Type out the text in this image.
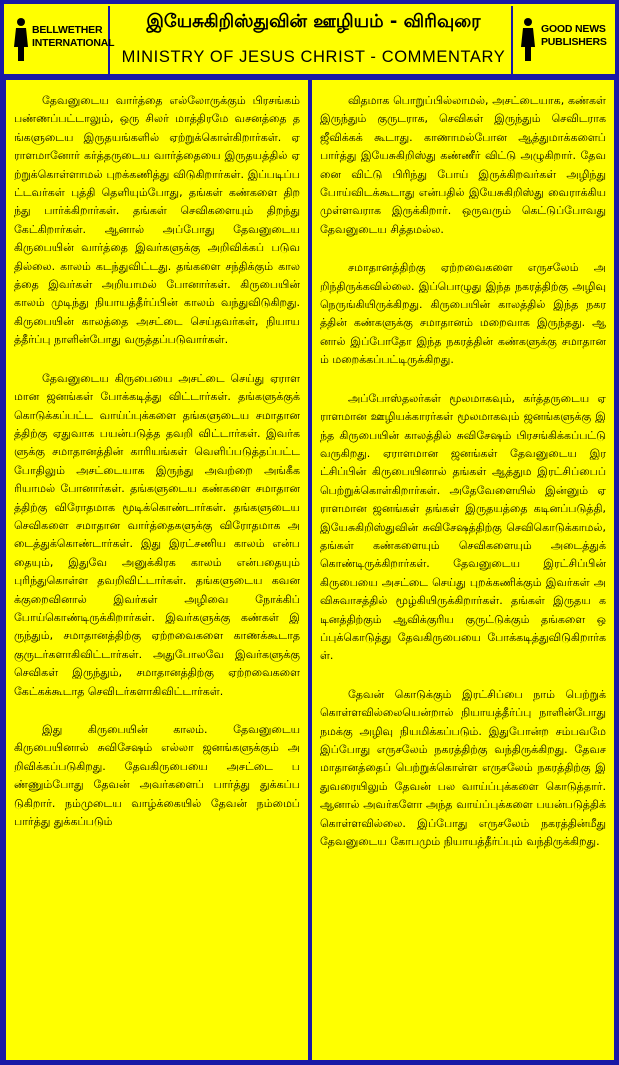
BELLWETHER
INTERNATIONAL
இயேசுகிறிஸ்துவின் ஊழியம் - விரிவுரை
MINISTRY OF JESUS CHRIST - COMMENTARY
GOOD NEWS
PUBLISHERS

தேவனுடைய வார்த்தை எல்லோருக்கும் பிரசங்கம் பண்ணப்பட்டாலும், ஒரு சிலர் மாத்திரமே வசனத்தை தங்களுடைய இருதயங்களில் ஏற்றுக்கொள்கிறார்கள். ஏராளமானோர் கர்த்தருடைய வார்த்தையை இருதயத்தில் ஏற்றுக்கொள்ளாமல் புறக்கணித்து விடுகிறார்கள். இப்படிப்பட்டவர்கள் புத்தி தெளியும்போது, தங்கள் கண்களை திறந்து பார்க்கிறார்கள். தங்கள் செவிகளையும் திறந்து கேட்கிறார்கள். ஆனால் அப்போது தேவனுடைய கிருபையின் வார்த்தை இவர்களுக்கு அறிவிக்கப் படுவதில்லை. காலம் கடந்துவிட்டது. தங்களை சந்திக்கும் காலத்தை இவர்கள் அறியாமல் போனார்கள். கிருபையின் காலம் முடிந்து நியாயத்தீர்ப்பின் காலம் வந்துவிடுகிறது. கிருபையின் காலத்தை அசட்டை செய்தவர்கள், நியாயத்தீர்ப்பு நாளின்போது வருத்தப்படுவார்கள்.

தேவனுடைய கிருபையை அசட்டை செய்து ஏராளமான ஜனங்கள் போக்கடித்து விட்டார்கள். தங்களுக்குக் கொடுக்கப்பட்ட வாய்ப்புக்களை தங்களுடைய சமாதானத்திற்கு ஏதுவாக பயன்படுத்த தவறி விட்டார்கள். இவர்களுக்கு சமாதானத்தின் காரியங்கள் வெளிப்படுத்தப்பட்ட போதிலும் அசட்டையாக இருந்து அவற்றை அங்கீகரியாமல் போனார்கள். தங்களுடைய கண்களை சமாதானத்திற்கு விரோதமாக மூடிக்கொண்டார்கள். தங்களுடைய செவிகளை சமாதான வார்த்தைகளுக்கு விரோதமாக அடைத்துக்கொண்டார்கள். இது இரட்சணிய காலம் என்பதையும், இதுவே அனுக்கிரக காலம் என்பதையும் புரிந்துகொள்ள தவறிவிட்டார்கள். தங்களுடைய கவனக்குறைவினால் இவர்கள் அழிவை நோக்கிப் போய்கொண்டிருக்கிறார்கள். இவர்களுக்கு கண்கள் இருந்தும், சமாதானத்திற்கு ஏற்றவைகளை காணக்கூடாத குருடர்களாகிவிட்டார்கள். அதுபோலவே இவர்களுக்கு செவிகள் இருந்தும், சமாதானத்திற்கு ஏற்றவைகளை கேட்கக்கூடாத செவிடர்களாகிவிட்டார்கள்.

இது கிருபையின் காலம். தேவனுடைய கிருபையினால் சுவிசேஷம் எல்லா ஜனங்களுக்கும் அறிவிக்கப்படுகிறது. தேவகிருபையை அசட்டை பண்ணும்போது தேவன் அவர்களைப் பார்த்து துக்கப்படுகிறார். நம்முடைய வாழ்க்கையில் தேவன் நம்மைப் பார்த்து துக்கப்படும்

விதமாக பொறுப்பில்லாமல், அசட்டையாக, கண்கள் இருந்தும் குருடராக, செவிகள் இருந்தும் செவிடராக ஜீவிக்கக் கூடாது. காணாமல்போன ஆத்துமாக்களைப் பார்த்து இயேசுகிறிஸ்து கண்ணீர் விட்டு அழுகிறார். தேவனை விட்டு பிரிந்து போய் இருக்கிறவர்கள் அழிந்து போய்விடக்கூடாது என்பதில் இயேசுகிறிஸ்து வைராக்கிய முள்ளவராக இருக்கிறார். ஒருவரும் கெட்டுப்போவது தேவனுடைய சித்தமல்ல.

சமாதானத்திற்கு ஏற்றவைகளை எருசலேம் அறிந்திருக்கவில்லை. இப்பொழுது இந்த நகரத்திற்கு அழிவு நெருங்கியிருக்கிறது. கிருபையின் காலத்தில் இந்த நகரத்தின் கண்களுக்கு சமாதானம் மறைவாக இருந்தது. ஆனால் இப்போதோ இந்த நகரத்தின் கண்களுக்கு சமாதானம் மறைக்கப்பட்டிருக்கிறது.

அப்போஸ்தலர்கள் மூலமாகவும், கர்த்தருடைய ஏராளமான ஊழியக்காரர்கள் மூலமாகவும் ஜனங்களுக்கு இந்த கிருபையின் காலத்தில் சுவிசேஷம் பிரசங்கிக்கப்பட்டு வருகிறது. ஏராளமான ஜனங்கள் தேவனுடைய இரட்சிப்பின் கிருபையினால் தங்கள் ஆத்தும இரட்சிப்பைப் பெற்றுக்கொள்கிறார்கள். அதேவேளையில் இன்னும் ஏராளமான ஜனங்கள் தங்கள் இருதயத்தை கடினப்படுத்தி, இயேசுகிறிஸ்துவின் சுவிசேஷத்திற்கு செவிகொடுக்காமல், தங்கள் கண்களையும் செவிகளையும் அடைத்துக் கொண்டிருக்கிறார்கள். தேவனுடைய இரட்சிப்பின் கிருபையை அசட்டை செய்து புறக்கணிக்கும் இவர்கள் அவிசுவாசத்தில் மூழ்கியிருக்கிறார்கள். தங்கள் இருதய கடினத்திற்கும் ஆவிக்குரிய குருட்டுக்கும் தங்களை ஒப்புக்கொடுத்து தேவகிருபையை போக்கடித்துவிடுகிறார்கள்.

தேவன் கொடுக்கும் இரட்சிப்பை நாம் பெற்றுக் கொள்ளவில்லையென்றால் நியாயத்தீர்ப்பு நாளின்போது நமக்கு அழிவு நியமிக்கப்படும். இதுபோன்ற சம்பவமே இப்போது எருசலேம் நகரத்திற்கு வந்திருக்கிறது. தேவசமாதானத்தைப் பெற்றுக்கொள்ள எருசலேம் நகரத்திற்கு இதுவரையிலும் தேவன் பல வாய்ப்புக்களை கொடுத்தார். ஆனால் அவர்களோ அந்த வாய்ப்புக்களை பயன்படுத்திக் கொள்ளவில்லை. இப்போது எருசலேம் நகரத்தின்மீது தேவனுடைய கோபமும் நியாயத்தீர்ப்பும் வந்திருக்கிறது.
